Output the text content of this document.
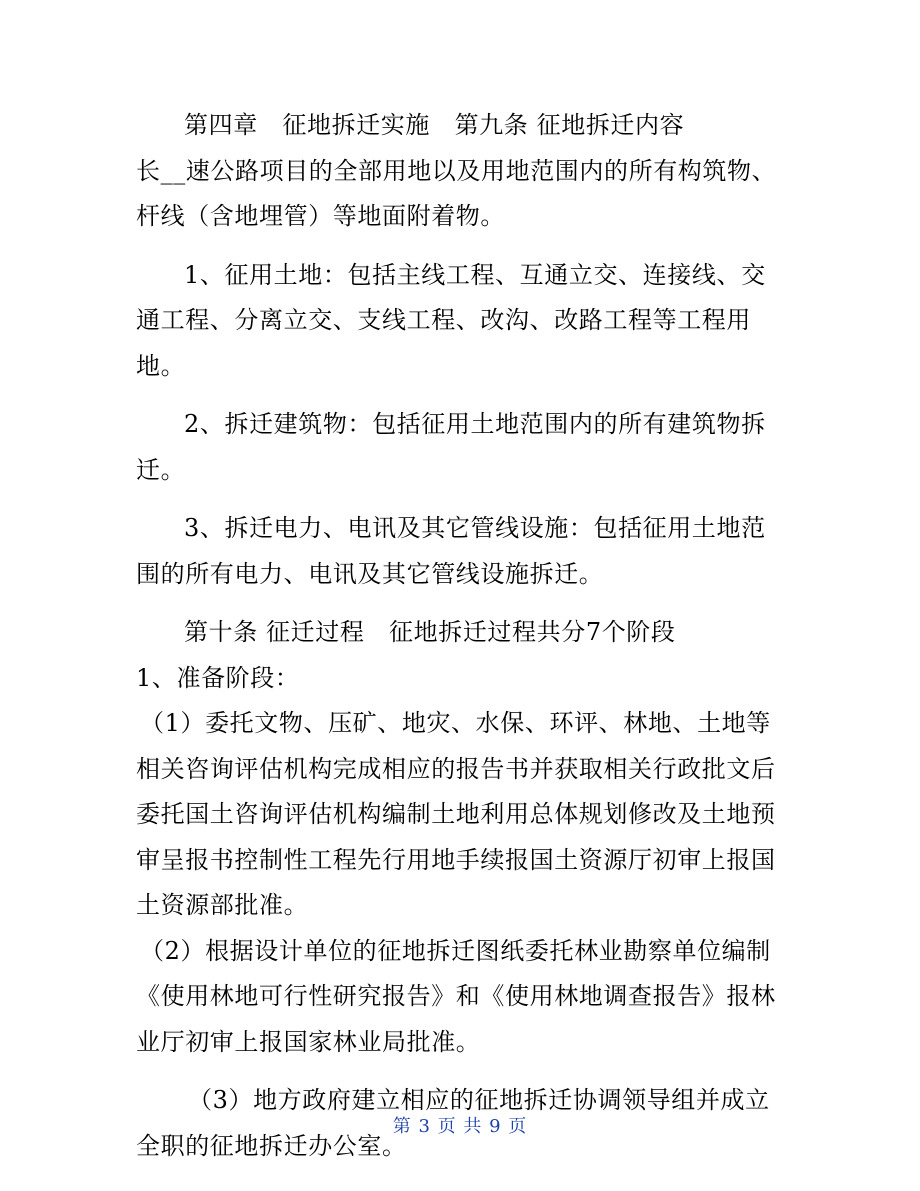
第四章　征地拆迁实施　第九条 征地拆迁内容

长__速公路项目的全部用地以及用地范围内的所有构筑物、杆线（含地埋管）等地面附着物。

1、征用土地：包括主线工程、互通立交、连接线、交通工程、分离立交、支线工程、改沟、改路工程等工程用地。

2、拆迁建筑物：包括征用土地范围内的所有建筑物拆迁。

3、拆迁电力、电讯及其它管线设施：包括征用土地范围的所有电力、电讯及其它管线设施拆迁。

第十条 征迁过程　征地拆迁过程共分7个阶段

1、准备阶段：

（1）委托文物、压矿、地灾、水保、环评、林地、土地等相关咨询评估机构完成相应的报告书并获取相关行政批文后委托国土咨询评估机构编制土地利用总体规划修改及土地预审呈报书控制性工程先行用地手续报国土资源厅初审上报国土资源部批准。

（2）根据设计单位的征地拆迁图纸委托林业勘察单位编制《使用林地可行性研究报告》和《使用林地调查报告》报林业厅初审上报国家林业局批准。

（3）地方政府建立相应的征地拆迁协调领导组并成立全职的征地拆迁办公室。

第 3 页 共 9 页
